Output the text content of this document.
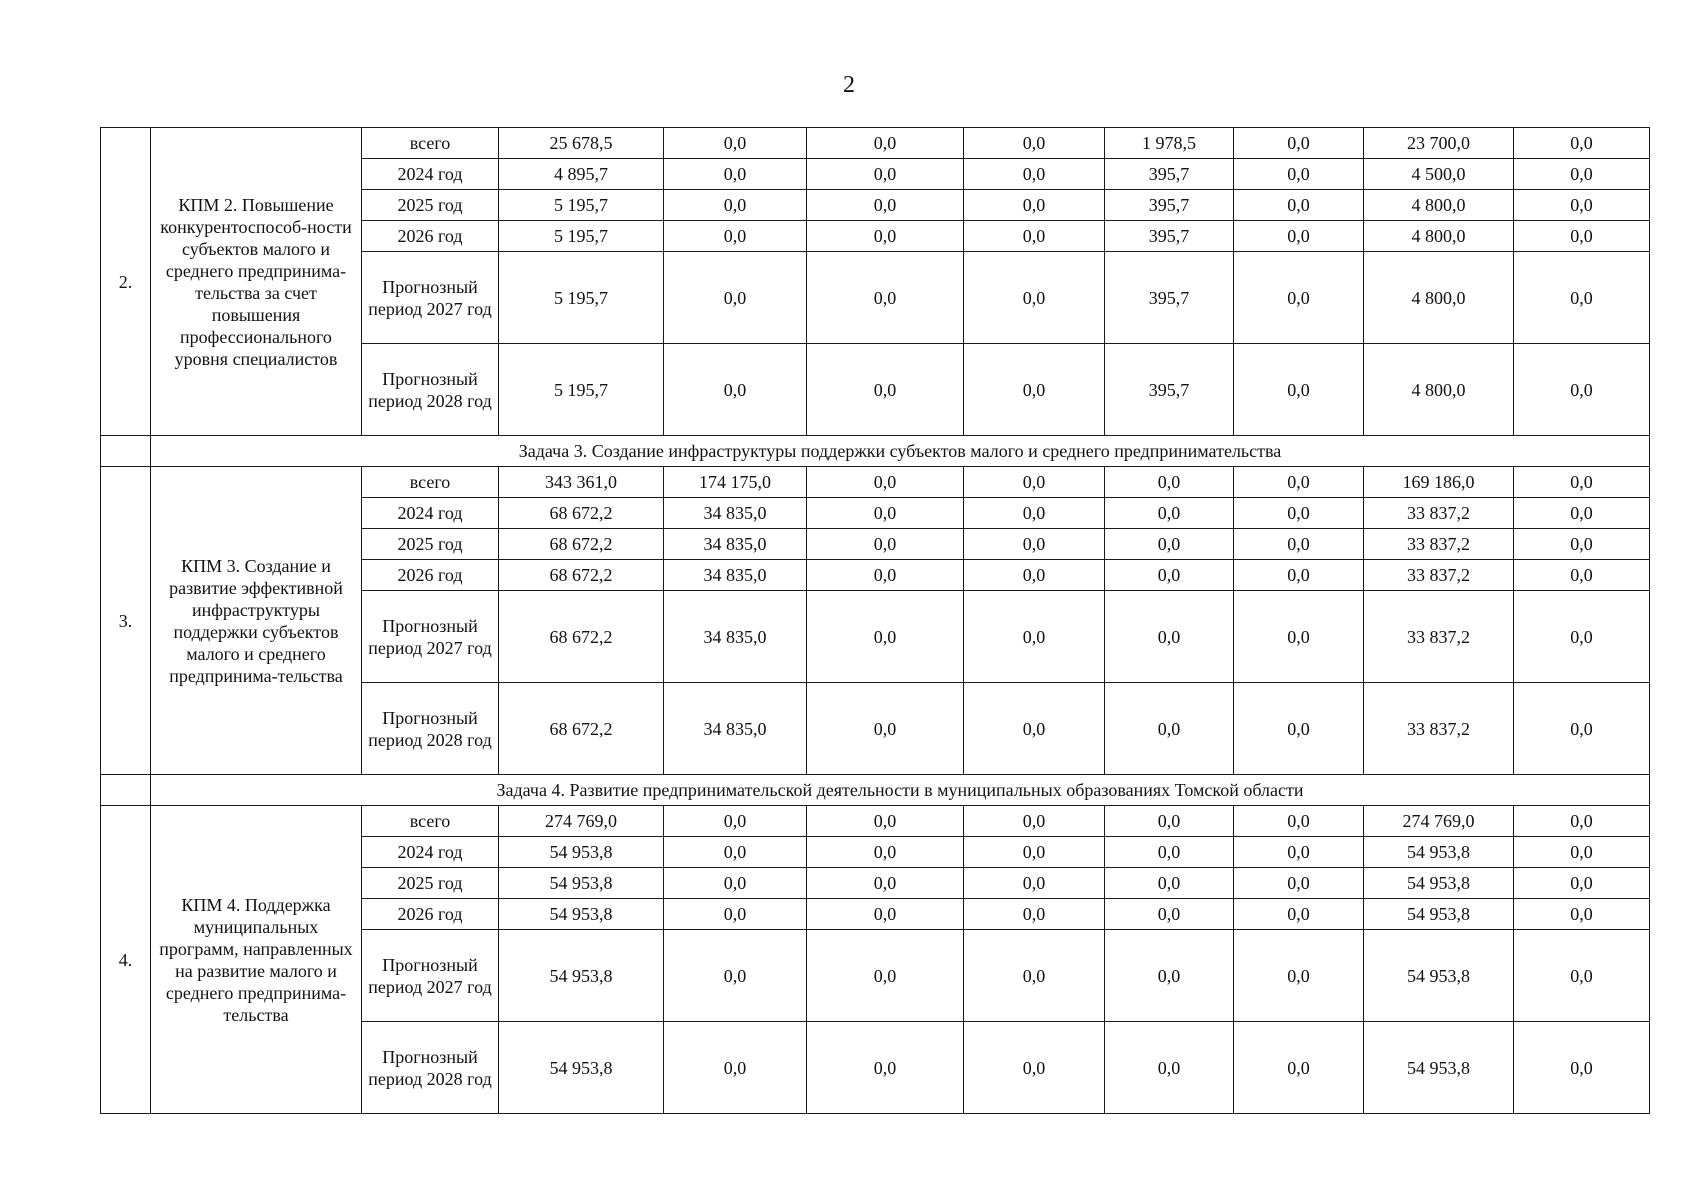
2
2.	КПМ 2. Повышение конкурентоспособ-ности субъектов малого и среднего предпринима-тельства за счет повышения профессионального уровня специалистов	всего	25 678,5	0,0	0,0	0,0	1 978,5	0,0	23 700,0	0,0
		2024 год	4 895,7	0,0	0,0	0,0	395,7	0,0	4 500,0	0,0
		2025 год	5 195,7	0,0	0,0	0,0	395,7	0,0	4 800,0	0,0
		2026 год	5 195,7	0,0	0,0	0,0	395,7	0,0	4 800,0	0,0
		Прогнозный период 2027 год	5 195,7	0,0	0,0	0,0	395,7	0,0	4 800,0	0,0
		Прогнозный период 2028 год	5 195,7	0,0	0,0	0,0	395,7	0,0	4 800,0	0,0
	Задача 3. Создание инфраструктуры поддержки субъектов малого и среднего предпринимательства									
3.	КПМ 3. Создание и развитие эффективной инфраструктуры поддержки субъектов малого и среднего предпринима-тельства	всего	343 361,0	174 175,0	0,0	0,0	0,0	0,0	169 186,0	0,0
		2024 год	68 672,2	34 835,0	0,0	0,0	0,0	0,0	33 837,2	0,0
		2025 год	68 672,2	34 835,0	0,0	0,0	0,0	0,0	33 837,2	0,0
		2026 год	68 672,2	34 835,0	0,0	0,0	0,0	0,0	33 837,2	0,0
		Прогнозный период 2027 год	68 672,2	34 835,0	0,0	0,0	0,0	0,0	33 837,2	0,0
		Прогнозный период 2028 год	68 672,2	34 835,0	0,0	0,0	0,0	0,0	33 837,2	0,0
	Задача 4. Развитие предпринимательской деятельности в муниципальных образованиях Томской области									
4.	КПМ 4. Поддержка муниципальных программ, направленных на развитие малого и среднего предпринима-тельства	всего	274 769,0	0,0	0,0	0,0	0,0	0,0	274 769,0	0,0
		2024 год	54 953,8	0,0	0,0	0,0	0,0	0,0	54 953,8	0,0
		2025 год	54 953,8	0,0	0,0	0,0	0,0	0,0	54 953,8	0,0
		2026 год	54 953,8	0,0	0,0	0,0	0,0	0,0	54 953,8	0,0
		Прогнозный период 2027 год	54 953,8	0,0	0,0	0,0	0,0	0,0	54 953,8	0,0
		Прогнозный период 2028 год	54 953,8	0,0	0,0	0,0	0,0	0,0	54 953,8	0,0
